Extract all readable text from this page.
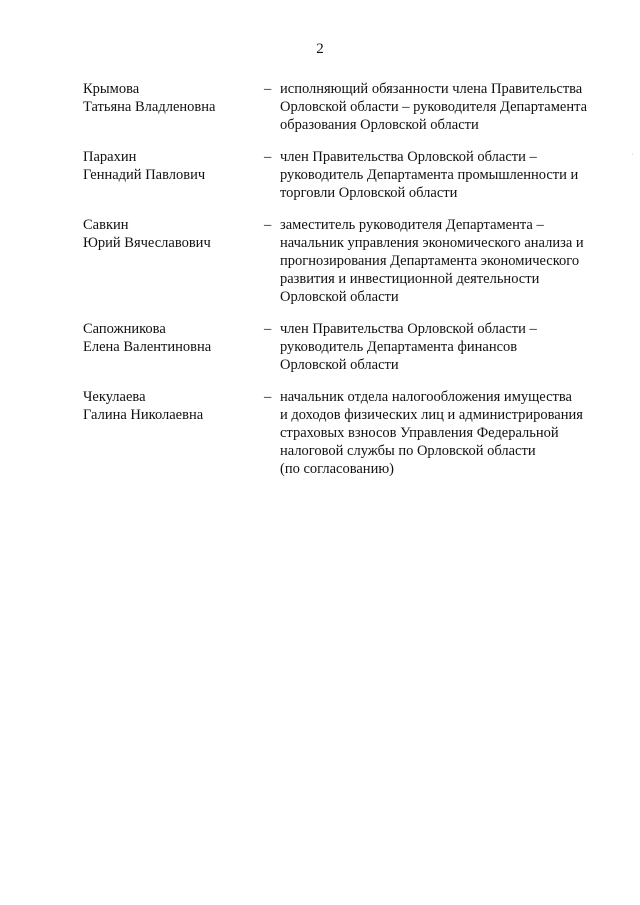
2
Крымова
Татьяна Владленовна
– исполняющий обязанности члена Правительства
Орловской области – руководителя Департамента
образования Орловской области
Парахин
Геннадий Павлович
– член Правительства Орловской области –
руководитель Департамента промышленности и
торговли Орловской области
Савкин
Юрий Вячеславович
– заместитель руководителя Департамента –
начальник управления экономического анализа и
прогнозирования Департамента экономического
развития и инвестиционной деятельности
Орловской области
Сапожникова
Елена Валентиновна
– член Правительства Орловской области –
руководитель Департамента финансов
Орловской области
Чекулаева
Галина Николаевна
– начальник отдела налогообложения имущества
и доходов физических лиц и администрирования
страховых взносов Управления Федеральной
налоговой службы по Орловской области
(по согласованию)
·
